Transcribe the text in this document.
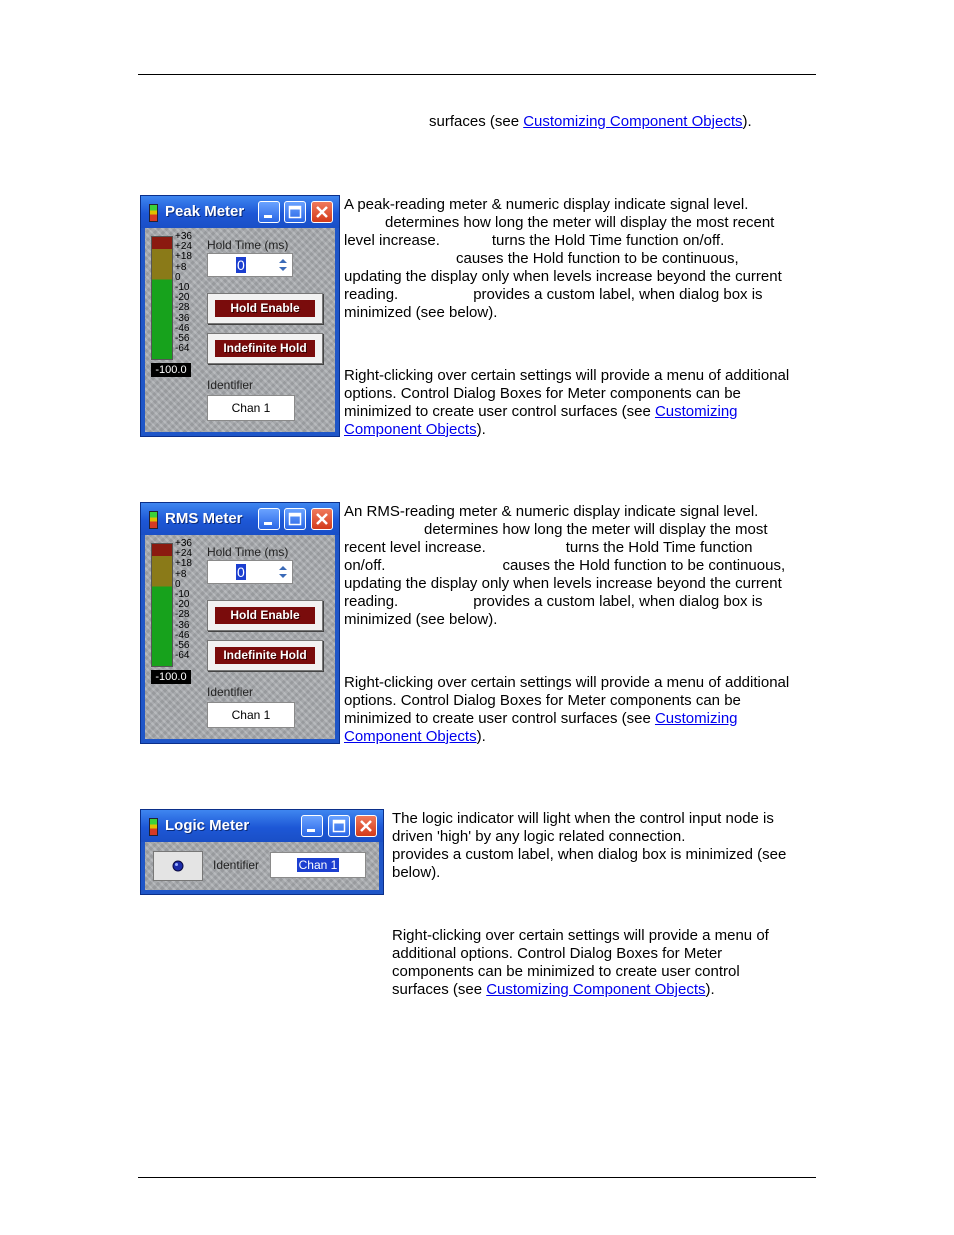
surfaces (see Customizing Component Objects).
Peak Meter
+36
+24
+18
+8
0
-10
-20
-28
-36
-46
-56
-64
-100.0
Hold Time (ms)
0
Hold Enable
Indefinite Hold
Identifier
Chan 1

A peak-reading meter & numeric display indicate signal level.

determines how long the meter will display the most recent

level increase.	turns the Hold Time function on/off.

causes the Hold function to be continuous,

updating the display only when levels increase beyond the current

reading.	provides a custom label, when dialog box is

minimized (see below).

Right-clicking over certain settings will provide a menu of additional

options. Control Dialog Boxes for Meter components can be

minimized to create user control surfaces (see Customizing

Component Objects).

RMS Meter
+36
+24
+18
+8
0
-10
-20
-28
-36
-46
-56
-64
-100.0
Hold Time (ms)
0
Hold Enable
Indefinite Hold
Identifier
Chan 1

An RMS-reading meter & numeric display indicate signal level.

determines how long the meter will display the most

recent level increase.	turns the Hold Time function

on/off.	causes the Hold function to be continuous,

updating the display only when levels increase beyond the current

reading.	provides a custom label, when dialog box is

minimized (see below).

Right-clicking over certain settings will provide a menu of additional

options. Control Dialog Boxes for Meter components can be

minimized to create user control surfaces (see Customizing

Component Objects).

Logic Meter
Identifier	Chan 1

The logic indicator will light when the control input node is

driven 'high' by any logic related connection.

provides a custom label, when dialog box is minimized (see

below).

Right-clicking over certain settings will provide a menu of

additional options. Control Dialog Boxes for Meter

components can be minimized to create user control

surfaces (see Customizing Component Objects).
